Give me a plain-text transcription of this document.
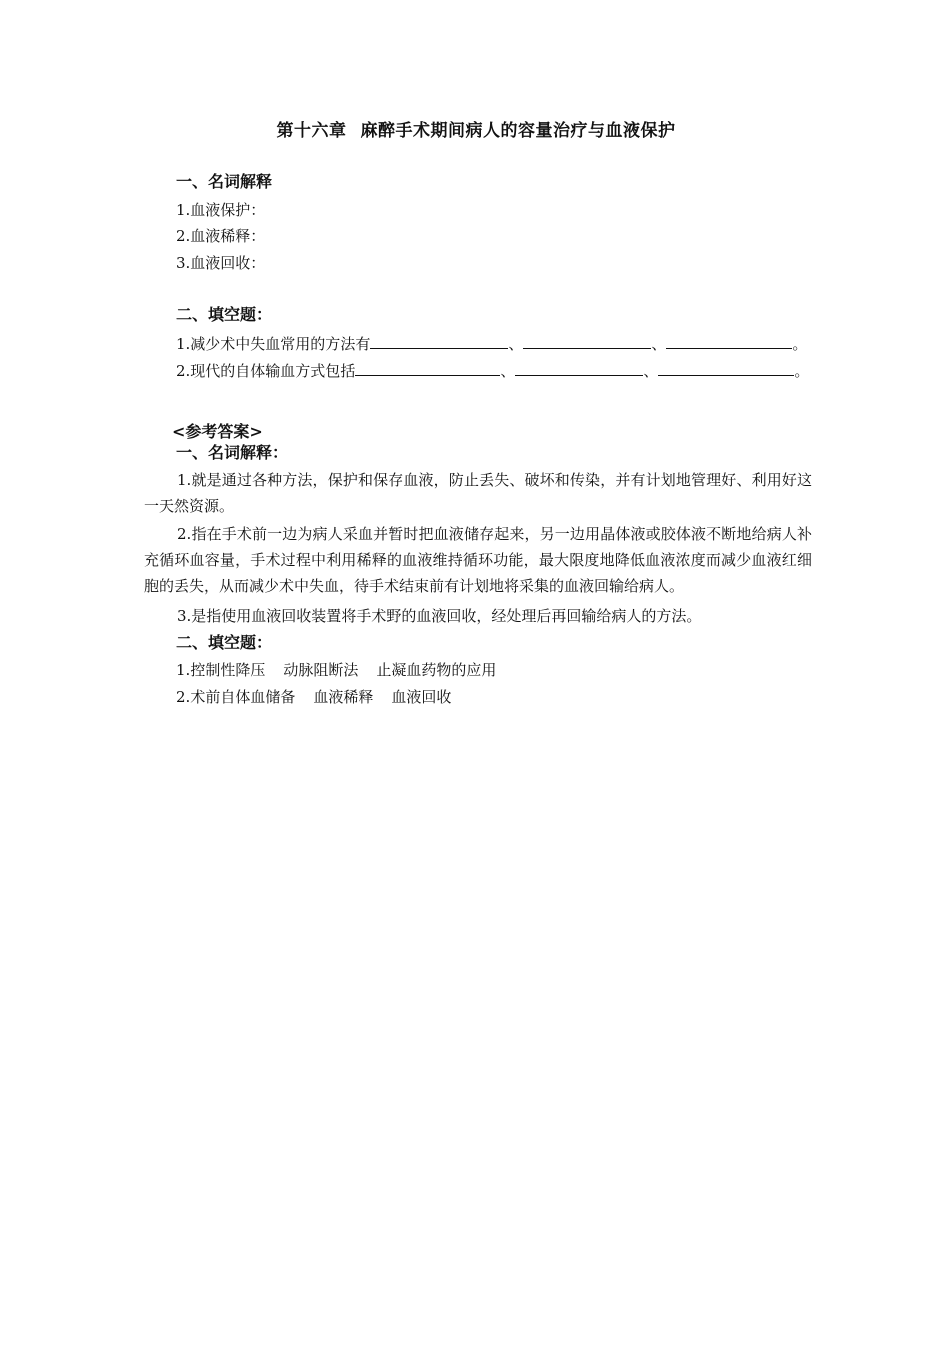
第十六章 麻醉手术期间病人的容量治疗与血液保护
一、名词解释
1.血液保护：
2.血液稀释：
3.血液回收：
二、填空题：
1.减少术中失血常用的方法有	、	、	。
2.现代的自体输血方式包括	、	、	。
<参考答案>
一、名词解释：
1.就是通过各种方法，保护和保存血液，防止丢失、破坏和传染，并有计划地管理好、利用好这一天然资源。
2.指在手术前一边为病人采血并暂时把血液储存起来，另一边用晶体液或胶体液不断地给病人补充循环血容量，手术过程中利用稀释的血液维持循环功能，最大限度地降低血液浓度而减少血液红细胞的丢失，从而减少术中失血，待手术结束前有计划地将采集的血液回输给病人。
3.是指使用血液回收装置将手术野的血液回收，经处理后再回输给病人的方法。
二、填空题：
1.控制性降压 动脉阻断法 止凝血药物的应用
2.术前自体血储备 血液稀释 血液回收
